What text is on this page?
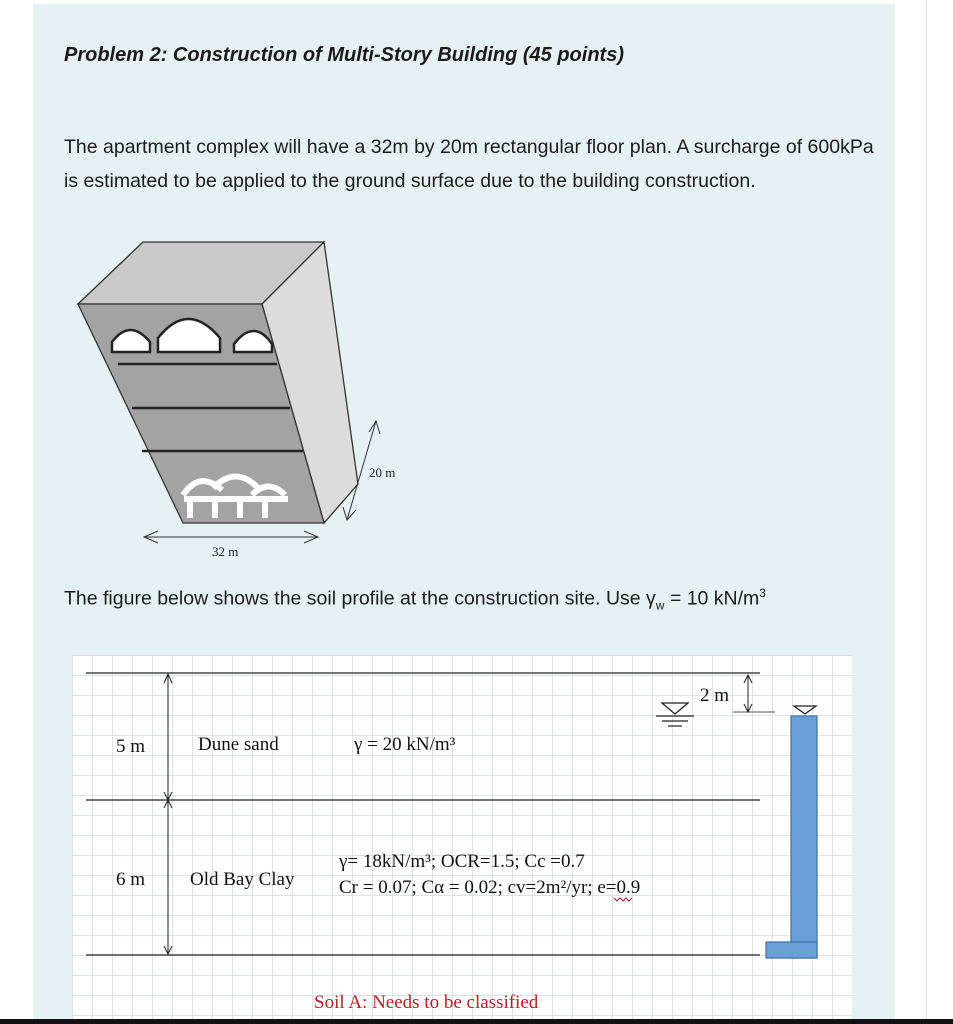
Problem 2: Construction of Multi-Story Building (45 points)

The apartment complex will have a 32m by 20m rectangular floor plan. A surcharge of 600kPa is estimated to be applied to the ground surface due to the building construction.

32 m
20 m

The figure below shows the soil profile at the construction site. Use $\gamma_w = 10$ $kN/m^3$

2 m
5 m	Dune sand	γ = 20 kN/m³
6 m Old Bay Clay
γ= 18kN/m³; OCR=1.5; Cc =0.7
Cr = 0.07; Cα = 0.02; cv=2m²/yr; e=0.9
Soil A: Needs to be classified
